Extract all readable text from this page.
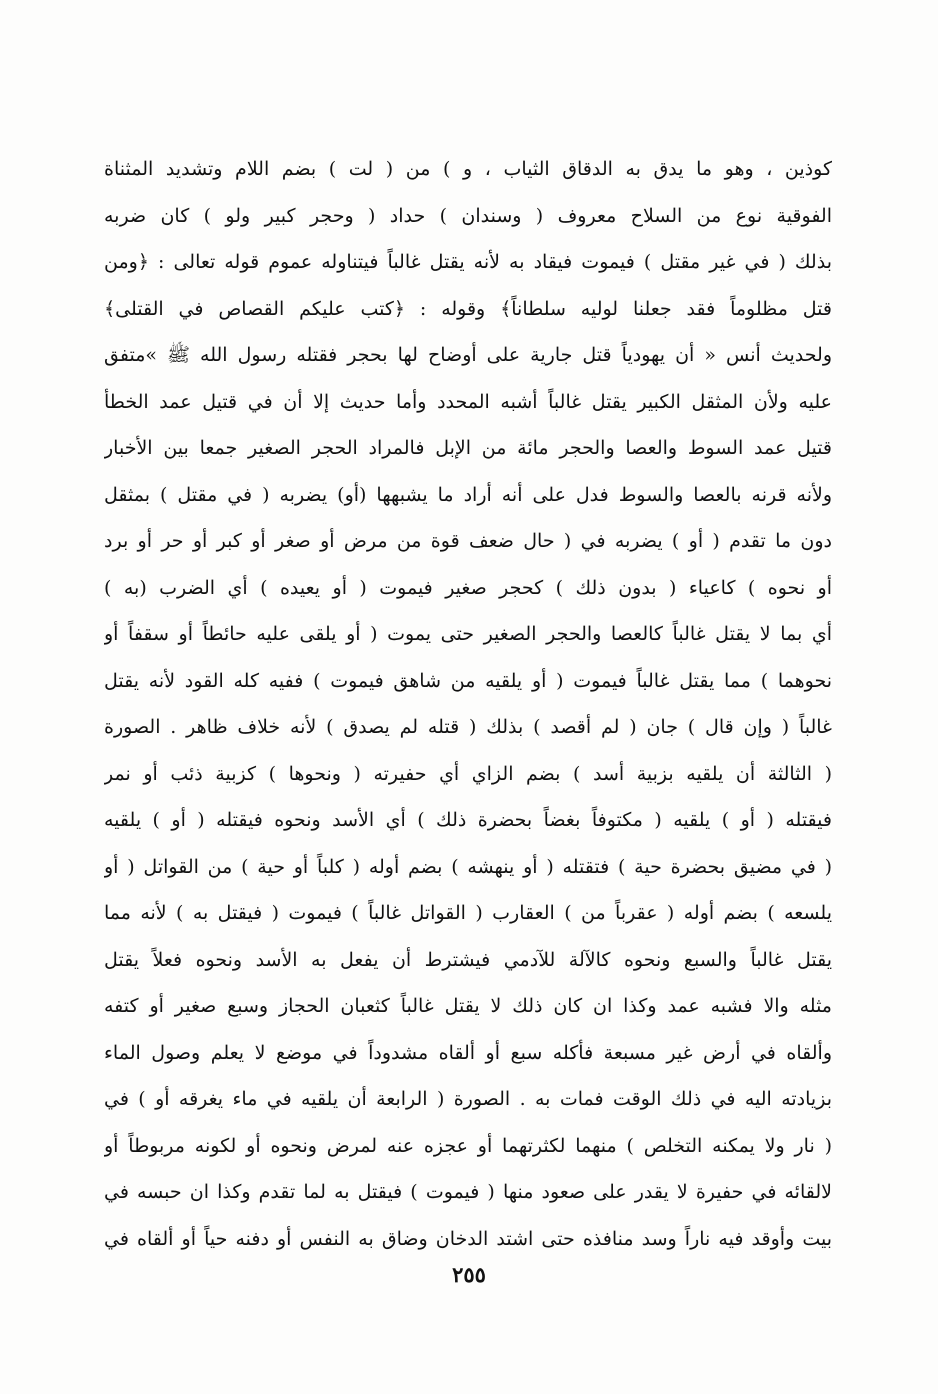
كوذين ، وهو ما يدق به الدقاق الثياب ، و ) من ( لت ) بضم اللام وتشديد المثناة
الفوقية نوع من السلاح معروف ( وسندان ) حداد ( وحجر كبير ولو ) كان ضربه
بذلك ( في غير مقتل ) فيموت فيقاد به لأنه يقتل غالباً فيتناوله عموم قوله تعالى : ﴿ومن
قتل مظلوماً فقد جعلنا لوليه سلطاناً﴾ وقوله : ﴿كتب عليكم القصاص في القتلى﴾
ولحديث أنس « أن يهودياً قتل جارية على أوضاح لها بحجر فقتله رسول الله ﷺ »متفق
عليه ولأن المثقل الكبير يقتل غالباً أشبه المحدد وأما حديث إلا أن في قتيل عمد الخطأ
قتيل عمد السوط والعصا والحجر مائة من الإبل فالمراد الحجر الصغير جمعا بين الأخبار
ولأنه قرنه بالعصا والسوط فدل على أنه أراد ما يشبهها (أو) يضربه ( في مقتل ) بمثقل
دون ما تقدم ( أو ) يضربه في ( حال ضعف قوة من مرض أو صغر أو كبر أو حر أو برد
أو نحوه ) كاعياء ( بدون ذلك ) كحجر صغير فيموت ( أو يعيده ) أي الضرب (به )
أي بما لا يقتل غالباً كالعصا والحجر الصغير حتى يموت ( أو يلقى عليه حائطاً أو سقفاً أو
نحوهما ) مما يقتل غالباً فيموت ( أو يلقيه من شاهق فيموت ) ففيه كله القود لأنه يقتل
غالباً ( وإن قال ) جان ( لم أقصد ) بذلك ( قتله لم يصدق ) لأنه خلاف ظاهر . الصورة
( الثالثة أن يلقيه بزبية أسد ) بضم الزاي أي حفيرته ( ونحوها ) كزبية ذئب أو نمر
فيقتله ( أو ) يلقيه ( مكتوفاً بغضاً بحضرة ذلك ) أي الأسد ونحوه فيقتله ( أو ) يلقيه
( في مضيق بحضرة حية ) فتقتله ( أو ينهشه ) بضم أوله ( كلباً أو حية ) من القواتل ( أو
يلسعه ) بضم أوله ( عقرباً من ) العقارب ( القواتل غالباً ) فيموت ( فيقتل به ) لأنه مما
يقتل غالباً والسبع ونحوه كالآلة للآدمي فيشترط أن يفعل به الأسد ونحوه فعلاً يقتل
مثله والا فشبه عمد وكذا ان كان ذلك لا يقتل غالباً كثعبان الحجاز وسبع صغير أو كتفه
وألقاه في أرض غير مسبعة فأكله سبع أو ألقاه مشدوداً في موضع لا يعلم وصول الماء
بزيادته اليه في ذلك الوقت فمات به . الصورة ( الرابعة أن يلقيه في ماء يغرقه أو ) في
( نار ولا يمكنه التخلص ) منهما لكثرتهما أو عجزه عنه لمرض ونحوه أو لكونه مربوطاً أو
لالقائه في حفيرة لا يقدر على صعود منها ( فيموت ) فيقتل به لما تقدم وكذا ان حبسه في
بيت وأوقد فيه ناراً وسد منافذه حتى اشتد الدخان وضاق به النفس أو دفنه حياً أو ألقاه في
٢٥٥
